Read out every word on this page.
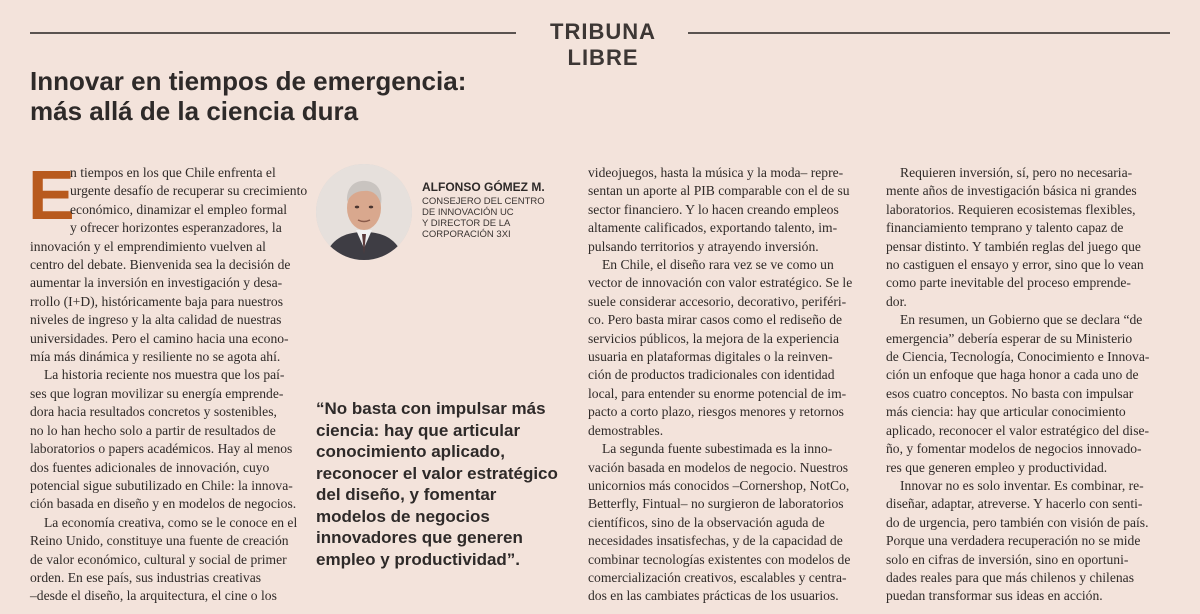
TRIBUNA LIBRE
Innovar en tiempos de emergencia:
más allá de la ciencia dura
E
n tiempos en los que Chile enfrenta el
urgente desafío de recuperar su crecimiento
económico, dinamizar el empleo formal
y ofrecer horizontes esperanzadores, la
innovación y el emprendimiento vuelven al
centro del debate. Bienvenida sea la decisión de
aumentar la inversión en investigación y desa-
rrollo (I+D), históricamente baja para nuestros
niveles de ingreso y la alta calidad de nuestras
universidades. Pero el camino hacia una econo-
mía más dinámica y resiliente no se agota ahí.
La historia reciente nos muestra que los paí-
ses que logran movilizar su energía emprende-
dora hacia resultados concretos y sostenibles,
no lo han hecho solo a partir de resultados de
laboratorios o papers académicos. Hay al menos
dos fuentes adicionales de innovación, cuyo
potencial sigue subutilizado en Chile: la innova-
ción basada en diseño y en modelos de negocios.
La economía creativa, como se le conoce en el
Reino Unido, constituye una fuente de creación
de valor económico, cultural y social de primer
orden. En ese país, sus industrias creativas
–desde el diseño, la arquitectura, el cine o los
ALFONSO GÓMEZ M.
CONSEJERO DEL CENTRO
DE INNOVACIÓN UC
Y DIRECTOR DE LA
CORPORACIÓN 3XI
“No basta con impulsar más
ciencia: hay que articular
conocimiento aplicado,
reconocer el valor estratégico
del diseño, y fomentar
modelos de negocios
innovadores que generen
empleo y productividad”.
videojuegos, hasta la música y la moda– repre-
sentan un aporte al PIB comparable con el de su
sector financiero. Y lo hacen creando empleos
altamente calificados, exportando talento, im-
pulsando territorios y atrayendo inversión.
En Chile, el diseño rara vez se ve como un
vector de innovación con valor estratégico. Se le
suele considerar accesorio, decorativo, periféri-
co. Pero basta mirar casos como el rediseño de
servicios públicos, la mejora de la experiencia
usuaria en plataformas digitales o la reinven-
ción de productos tradicionales con identidad
local, para entender su enorme potencial de im-
pacto a corto plazo, riesgos menores y retornos
demostrables.
La segunda fuente subestimada es la inno-
vación basada en modelos de negocio. Nuestros
unicornios más conocidos –Cornershop, NotCo,
Betterfly, Fintual– no surgieron de laboratorios
científicos, sino de la observación aguda de
necesidades insatisfechas, y de la capacidad de
combinar tecnologías existentes con modelos de
comercialización creativos, escalables y centra-
dos en las cambiates prácticas de los usuarios.
Requieren inversión, sí, pero no necesaria-
mente años de investigación básica ni grandes
laboratorios. Requieren ecosistemas flexibles,
financiamiento temprano y talento capaz de
pensar distinto. Y también reglas del juego que
no castiguen el ensayo y error, sino que lo vean
como parte inevitable del proceso emprende-
dor.
En resumen, un Gobierno que se declara “de
emergencia” debería esperar de su Ministerio
de Ciencia, Tecnología, Conocimiento e Innova-
ción un enfoque que haga honor a cada uno de
esos cuatro conceptos. No basta con impulsar
más ciencia: hay que articular conocimiento
aplicado, reconocer el valor estratégico del dise-
ño, y fomentar modelos de negocios innovado-
res que generen empleo y productividad.
Innovar no es solo inventar. Es combinar, re-
diseñar, adaptar, atreverse. Y hacerlo con senti-
do de urgencia, pero también con visión de país.
Porque una verdadera recuperación no se mide
solo en cifras de inversión, sino en oportuni-
dades reales para que más chilenos y chilenas
puedan transformar sus ideas en acción.
